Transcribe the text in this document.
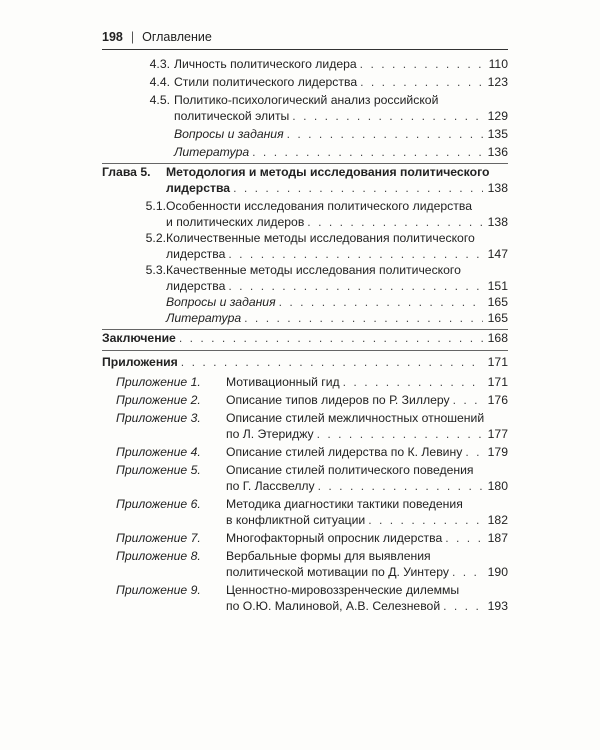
198 | Оглавление
4.3. Личность политического лидера . . .	110
4.4. Стили политического лидерства . . .	123
4.5. Политико-психологический анализ российской
политической элиты . . .	129
Вопросы и задания . . .	135
Литература . . .	136
Глава 5.	Методология и методы исследования политического
лидерства . . .	138
5.1. Особенности исследования политического лидерства
и политических лидеров . . .	138
5.2. Количественные методы исследования политического
лидерства . . .	147
5.3. Качественные методы исследования политического
лидерства . . .	151
Вопросы и задания . . .	165
Литература . . .	165
Заключение . . .	168
Приложения . . .	171
Приложение 1.	Мотивационный гид . . .	171
Приложение 2.	Описание типов лидеров по Р. Зиллеру . . .	176
Приложение 3.	Описание стилей межличностных отношений
по Л. Этериджу . . .	177
Приложение 4.	Описание стилей лидерства по К. Левину . . . 179
Приложение 5.	Описание стилей политического поведения
по Г. Лассвеллу . . .	180
Приложение 6.	Методика диагностики тактики поведения
в конфликтной ситуации . . .	182
Приложение 7.	Многофакторный опросник лидерства . . .	187
Приложение 8.	Вербальные формы для выявления
политической мотивации по Д. Уинтеру . . .	190
Приложение 9.	Ценностно-мировоззренческие дилеммы
по О.Ю. Малиновой, А.В. Селезневой . . .	193
